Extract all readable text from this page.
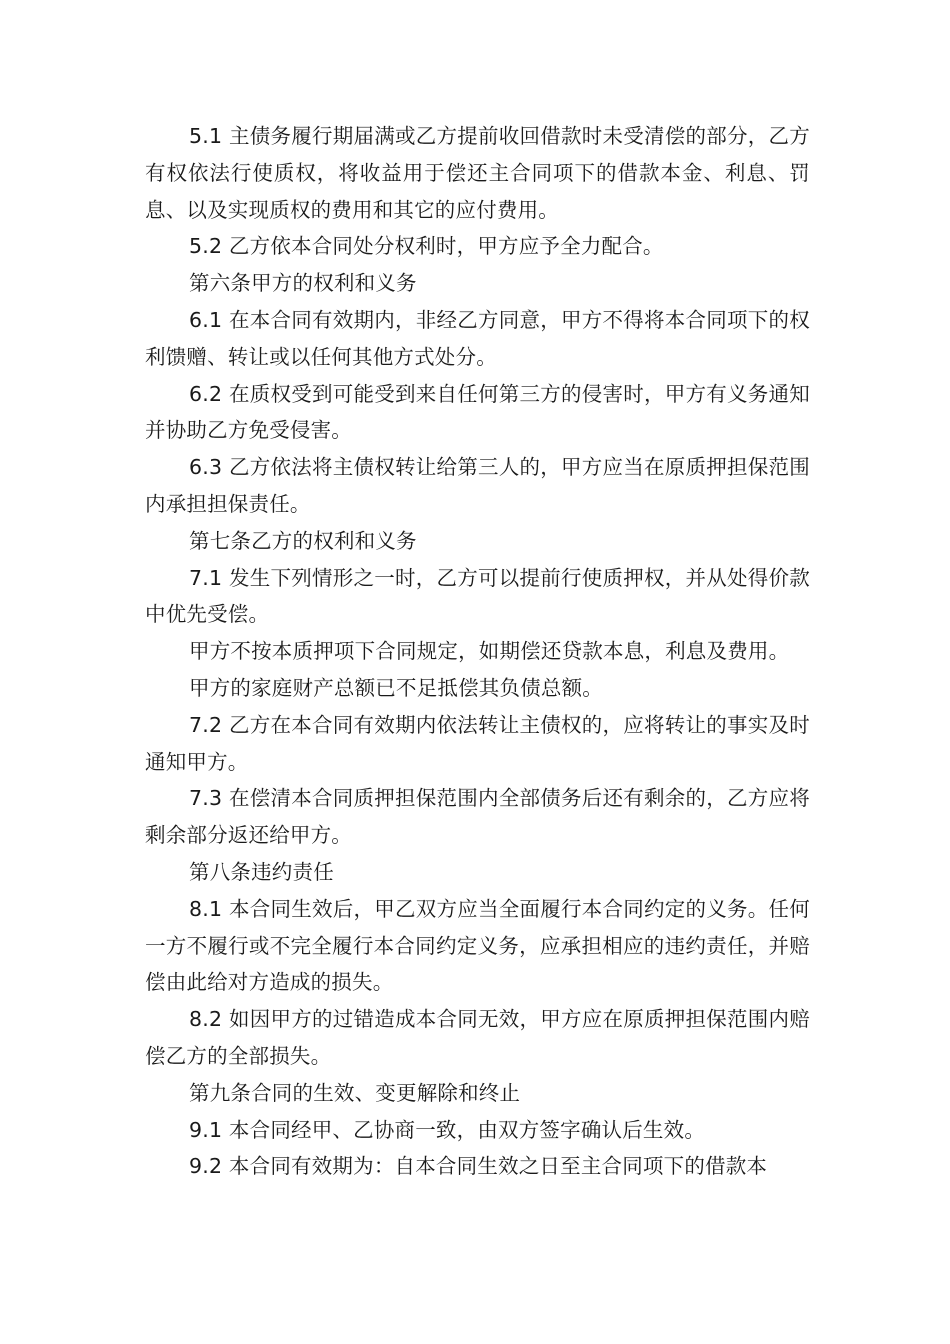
5.1 主债务履行期届满或乙方提前收回借款时未受清偿的部分，乙方有权依法行使质权，将收益用于偿还主合同项下的借款本金、利息、罚息、以及实现质权的费用和其它的应付费用。

5.2 乙方依本合同处分权利时，甲方应予全力配合。

第六条甲方的权利和义务

6.1 在本合同有效期内，非经乙方同意，甲方不得将本合同项下的权利馈赠、转让或以任何其他方式处分。

6.2 在质权受到可能受到来自任何第三方的侵害时，甲方有义务通知并协助乙方免受侵害。

6.3 乙方依法将主债权转让给第三人的，甲方应当在原质押担保范围内承担担保责任。

第七条乙方的权利和义务

7.1 发生下列情形之一时，乙方可以提前行使质押权，并从处得价款中优先受偿。

甲方不按本质押项下合同规定，如期偿还贷款本息，利息及费用。

甲方的家庭财产总额已不足抵偿其负债总额。

7.2 乙方在本合同有效期内依法转让主债权的，应将转让的事实及时通知甲方。

7.3 在偿清本合同质押担保范围内全部债务后还有剩余的，乙方应将剩余部分返还给甲方。

第八条违约责任

8.1 本合同生效后，甲乙双方应当全面履行本合同约定的义务。任何一方不履行或不完全履行本合同约定义务，应承担相应的违约责任，并赔偿由此给对方造成的损失。

8.2 如因甲方的过错造成本合同无效，甲方应在原质押担保范围内赔偿乙方的全部损失。

第九条合同的生效、变更解除和终止

9.1 本合同经甲、乙协商一致，由双方签字确认后生效。

9.2 本合同有效期为：自本合同生效之日至主合同项下的借款本
